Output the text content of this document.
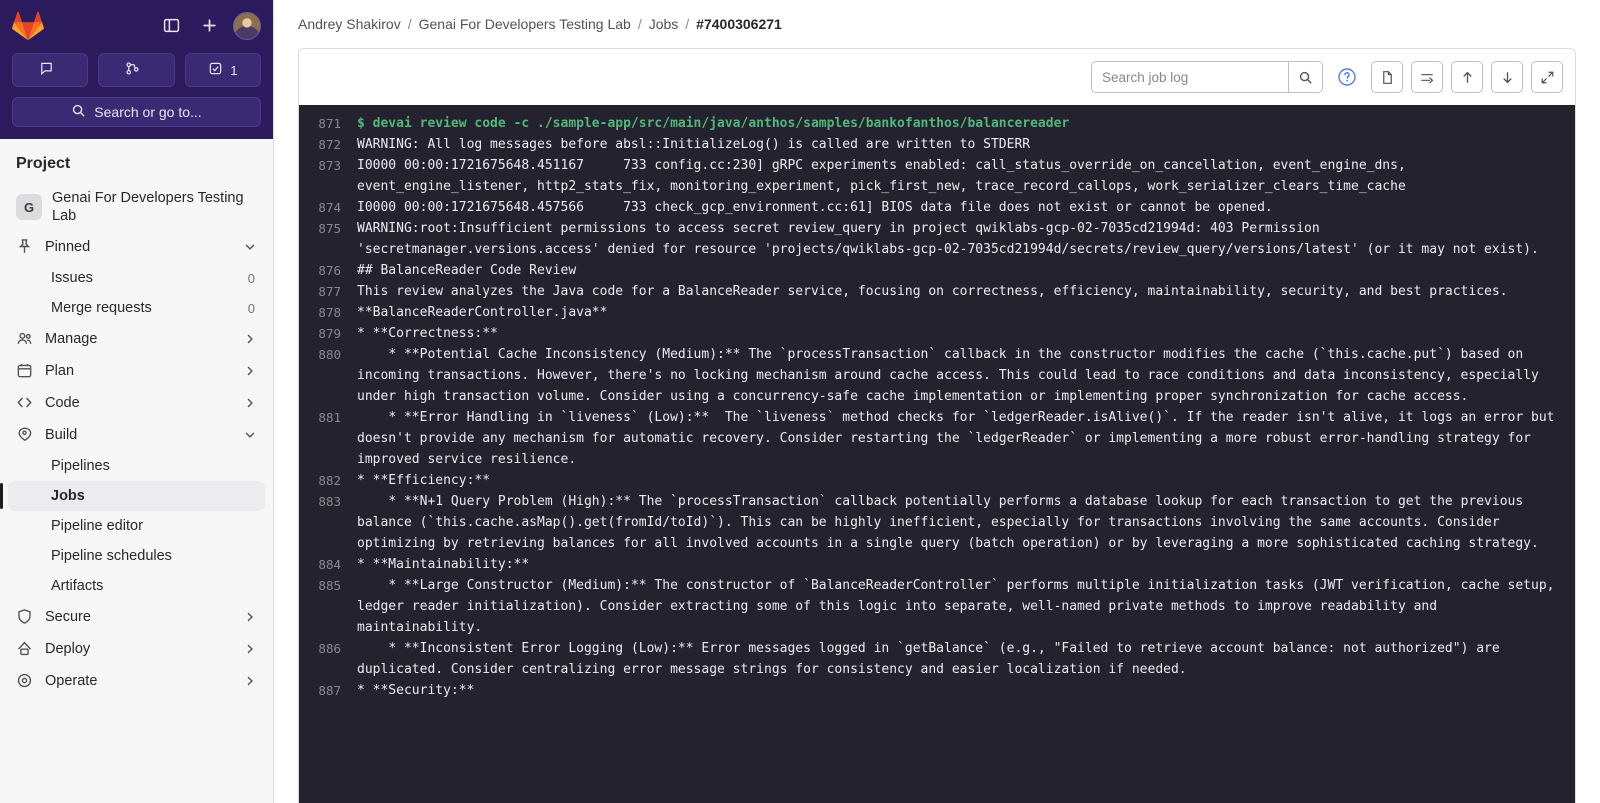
1
Search or go to...
Project
G
Genai For Developers Testing Lab
Pinned
Issues	0
Merge requests	0
Manage
Plan
Code
Build
Pipelines
Jobs
Pipeline editor
Pipeline schedules
Artifacts
Secure
Deploy
Operate
Andrey Shakirov / Genai For Developers Testing Lab / Jobs / #7400306271
Search job log
871	$ devai review code -c ./sample-app/src/main/java/anthos/samples/bankofanthos/balancereader
872	WARNING: All log messages before absl::InitializeLog() is called are written to STDERR
873	I0000 00:00:1721675648.451167     733 config.cc:230] gRPC experiments enabled: call_status_override_on_cancellation, event_engine_dns, event_engine_listener, http2_stats_fix, monitoring_experiment, pick_first_new, trace_record_callops, work_serializer_clears_time_cache
874	I0000 00:00:1721675648.457566     733 check_gcp_environment.cc:61] BIOS data file does not exist or cannot be opened.
875	WARNING:root:Insufficient permissions to access secret review_query in project qwiklabs-gcp-02-7035cd21994d: 403 Permission 'secretmanager.versions.access' denied for resource 'projects/qwiklabs-gcp-02-7035cd21994d/secrets/review_query/versions/latest' (or it may not exist).
876	## BalanceReader Code Review
877	This review analyzes the Java code for a BalanceReader service, focusing on correctness, efficiency, maintainability, security, and best practices.
878	**BalanceReaderController.java**
879	* **Correctness:**
880	* **Potential Cache Inconsistency (Medium):** The `processTransaction` callback in the constructor modifies the cache (`this.cache.put`) based on incoming transactions. However, there's no locking mechanism around cache access. This could lead to race conditions and data inconsistency, especially under high transaction volume. Consider using a concurrency-safe cache implementation or implementing proper synchronization for cache access.
881	* **Error Handling in `liveness` (Low):**  The `liveness` method checks for `ledgerReader.isAlive()`. If the reader isn't alive, it logs an error but doesn't provide any mechanism for automatic recovery. Consider restarting the `ledgerReader` or implementing a more robust error-handling strategy for improved service resilience.
882	* **Efficiency:**
883	* **N+1 Query Problem (High):** The `processTransaction` callback potentially performs a database lookup for each transaction to get the previous balance (`this.cache.asMap().get(fromId/toId)`). This can be highly inefficient, especially for transactions involving the same accounts. Consider optimizing by retrieving balances for all involved accounts in a single query (batch operation) or by leveraging a more sophisticated caching strategy.
884	* **Maintainability:**
885	* **Large Constructor (Medium):** The constructor of `BalanceReaderController` performs multiple initialization tasks (JWT verification, cache setup, ledger reader initialization). Consider extracting some of this logic into separate, well-named private methods to improve readability and maintainability.
886	* **Inconsistent Error Logging (Low):** Error messages logged in `getBalance` (e.g., "Failed to retrieve account balance: not authorized") are duplicated. Consider centralizing error message strings for consistency and easier localization if needed.
887	* **Security:**
